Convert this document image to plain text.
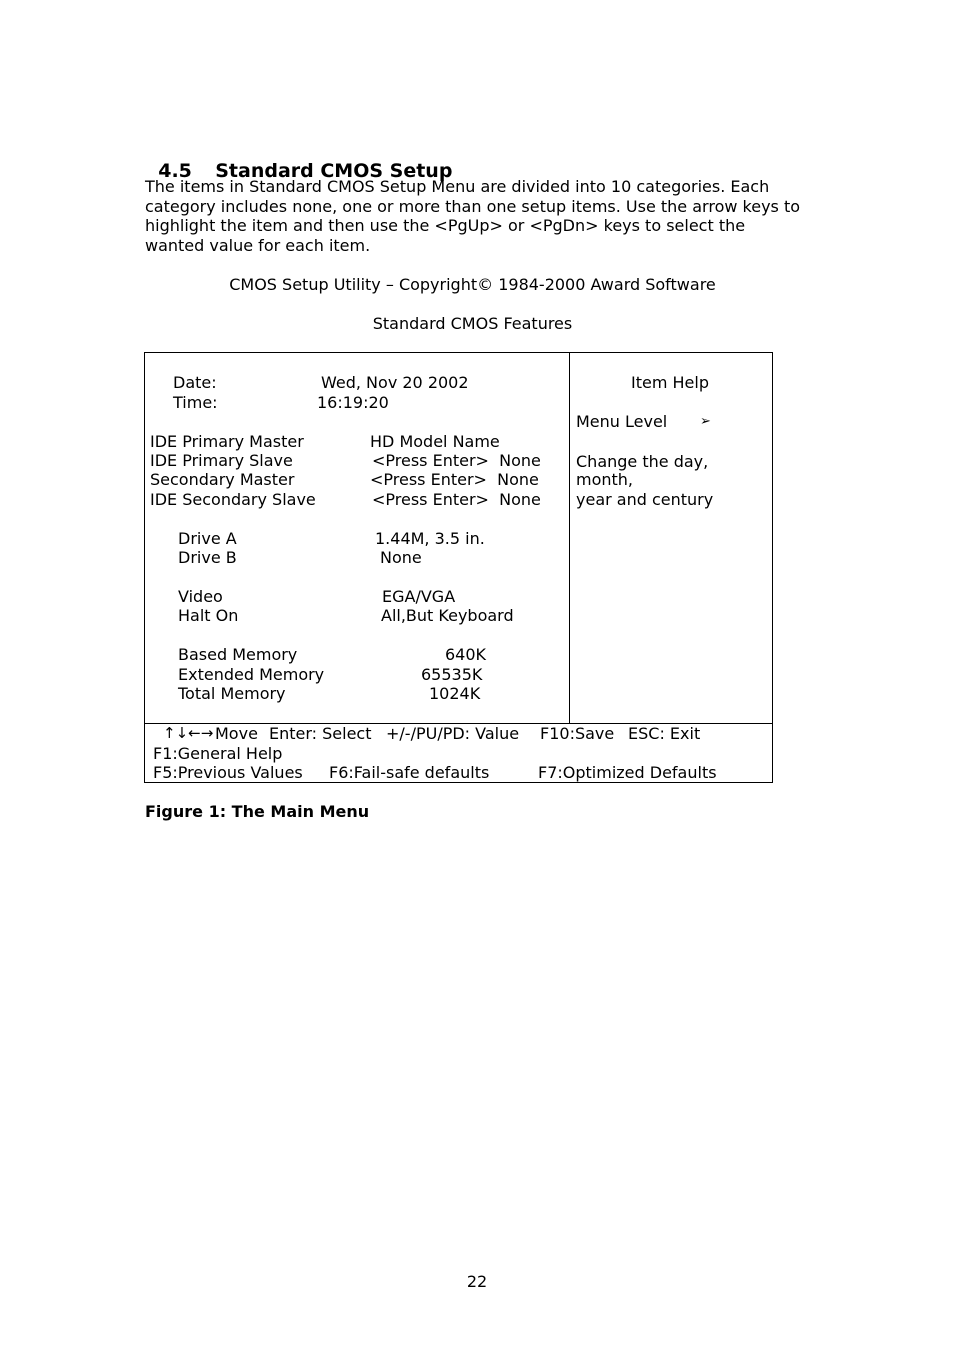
4.5 Standard CMOS Setup

The items in Standard CMOS Setup Menu are divided into 10 categories. Each category includes none, one or more than one setup items. Use the arrow keys to highlight the item and then use the <PgUp> or <PgDn> keys to select the wanted value for each item.
CMOS Setup Utility – Copyright© 1984-2000 Award Software
Standard CMOS Features
Date:	Wed, Nov 20 2002
Time:	16:19:20
IDE Primary Master	HD Model Name
IDE Primary Slave	<Press Enter>  None
Secondary Master	<Press Enter>  None
IDE Secondary Slave	<Press Enter>  None
Drive A	1.44M, 3.5 in.
Drive B	None
Video	EGA/VGA
Halt On	All,But Keyboard
Based Memory	640K
Extended Memory	65535K
Total Memory	1024K
Item Help
Menu Level	➢
Change the day,
month,
year and century
↑↓←→ Move Enter: Select +/-/PU/PD: Value F10:Save ESC: Exit
F1:General Help
F5:Previous Values F6:Fail-safe defaults	F7:Optimized Defaults
Figure 1: The Main Menu
22
